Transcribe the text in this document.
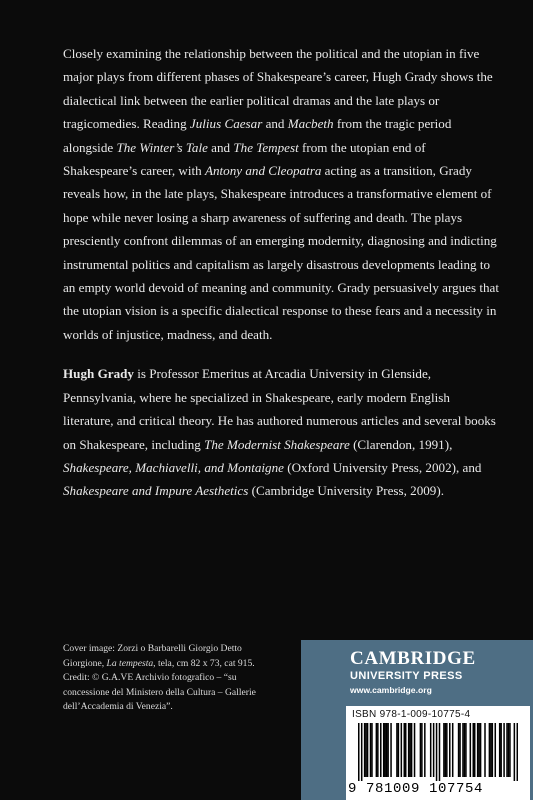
Closely examining the relationship between the political and the utopian in five major plays from different phases of Shakespeare’s career, Hugh Grady shows the dialectical link between the earlier political dramas and the late plays or tragicomedies. Reading Julius Caesar and Macbeth from the tragic period alongside The Winter’s Tale and The Tempest from the utopian end of Shakespeare’s career, with Antony and Cleopatra acting as a transition, Grady reveals how, in the late plays, Shakespeare introduces a transformative element of hope while never losing a sharp awareness of suffering and death. The plays presciently confront dilemmas of an emerging modernity, diagnosing and indicting instrumental politics and capitalism as largely disastrous developments leading to an empty world devoid of meaning and community. Grady persuasively argues that the utopian vision is a specific dialectical response to these fears and a necessity in worlds of injustice, madness, and death.

Hugh Grady is Professor Emeritus at Arcadia University in Glenside, Pennsylvania, where he specialized in Shakespeare, early modern English literature, and critical theory. He has authored numerous articles and several books on Shakespeare, including The Modernist Shakespeare (Clarendon, 1991), Shakespeare, Machiavelli, and Montaigne (Oxford University Press, 2002), and Shakespeare and Impure Aesthetics (Cambridge University Press, 2009).

Cover image: Zorzi o Barbarelli Giorgio Detto Giorgione, La tempesta, tela, cm 82 x 73, cat 915. Credit: © G.A.VE Archivio fotografico – “su concessione del Ministero della Cultura – Gallerie dell’Accademia di Venezia”.
CAMBRIDGE
UNIVERSITY PRESS
www.cambridge.org
ISBN 978-1-009-10775-4
9 781009 107754
